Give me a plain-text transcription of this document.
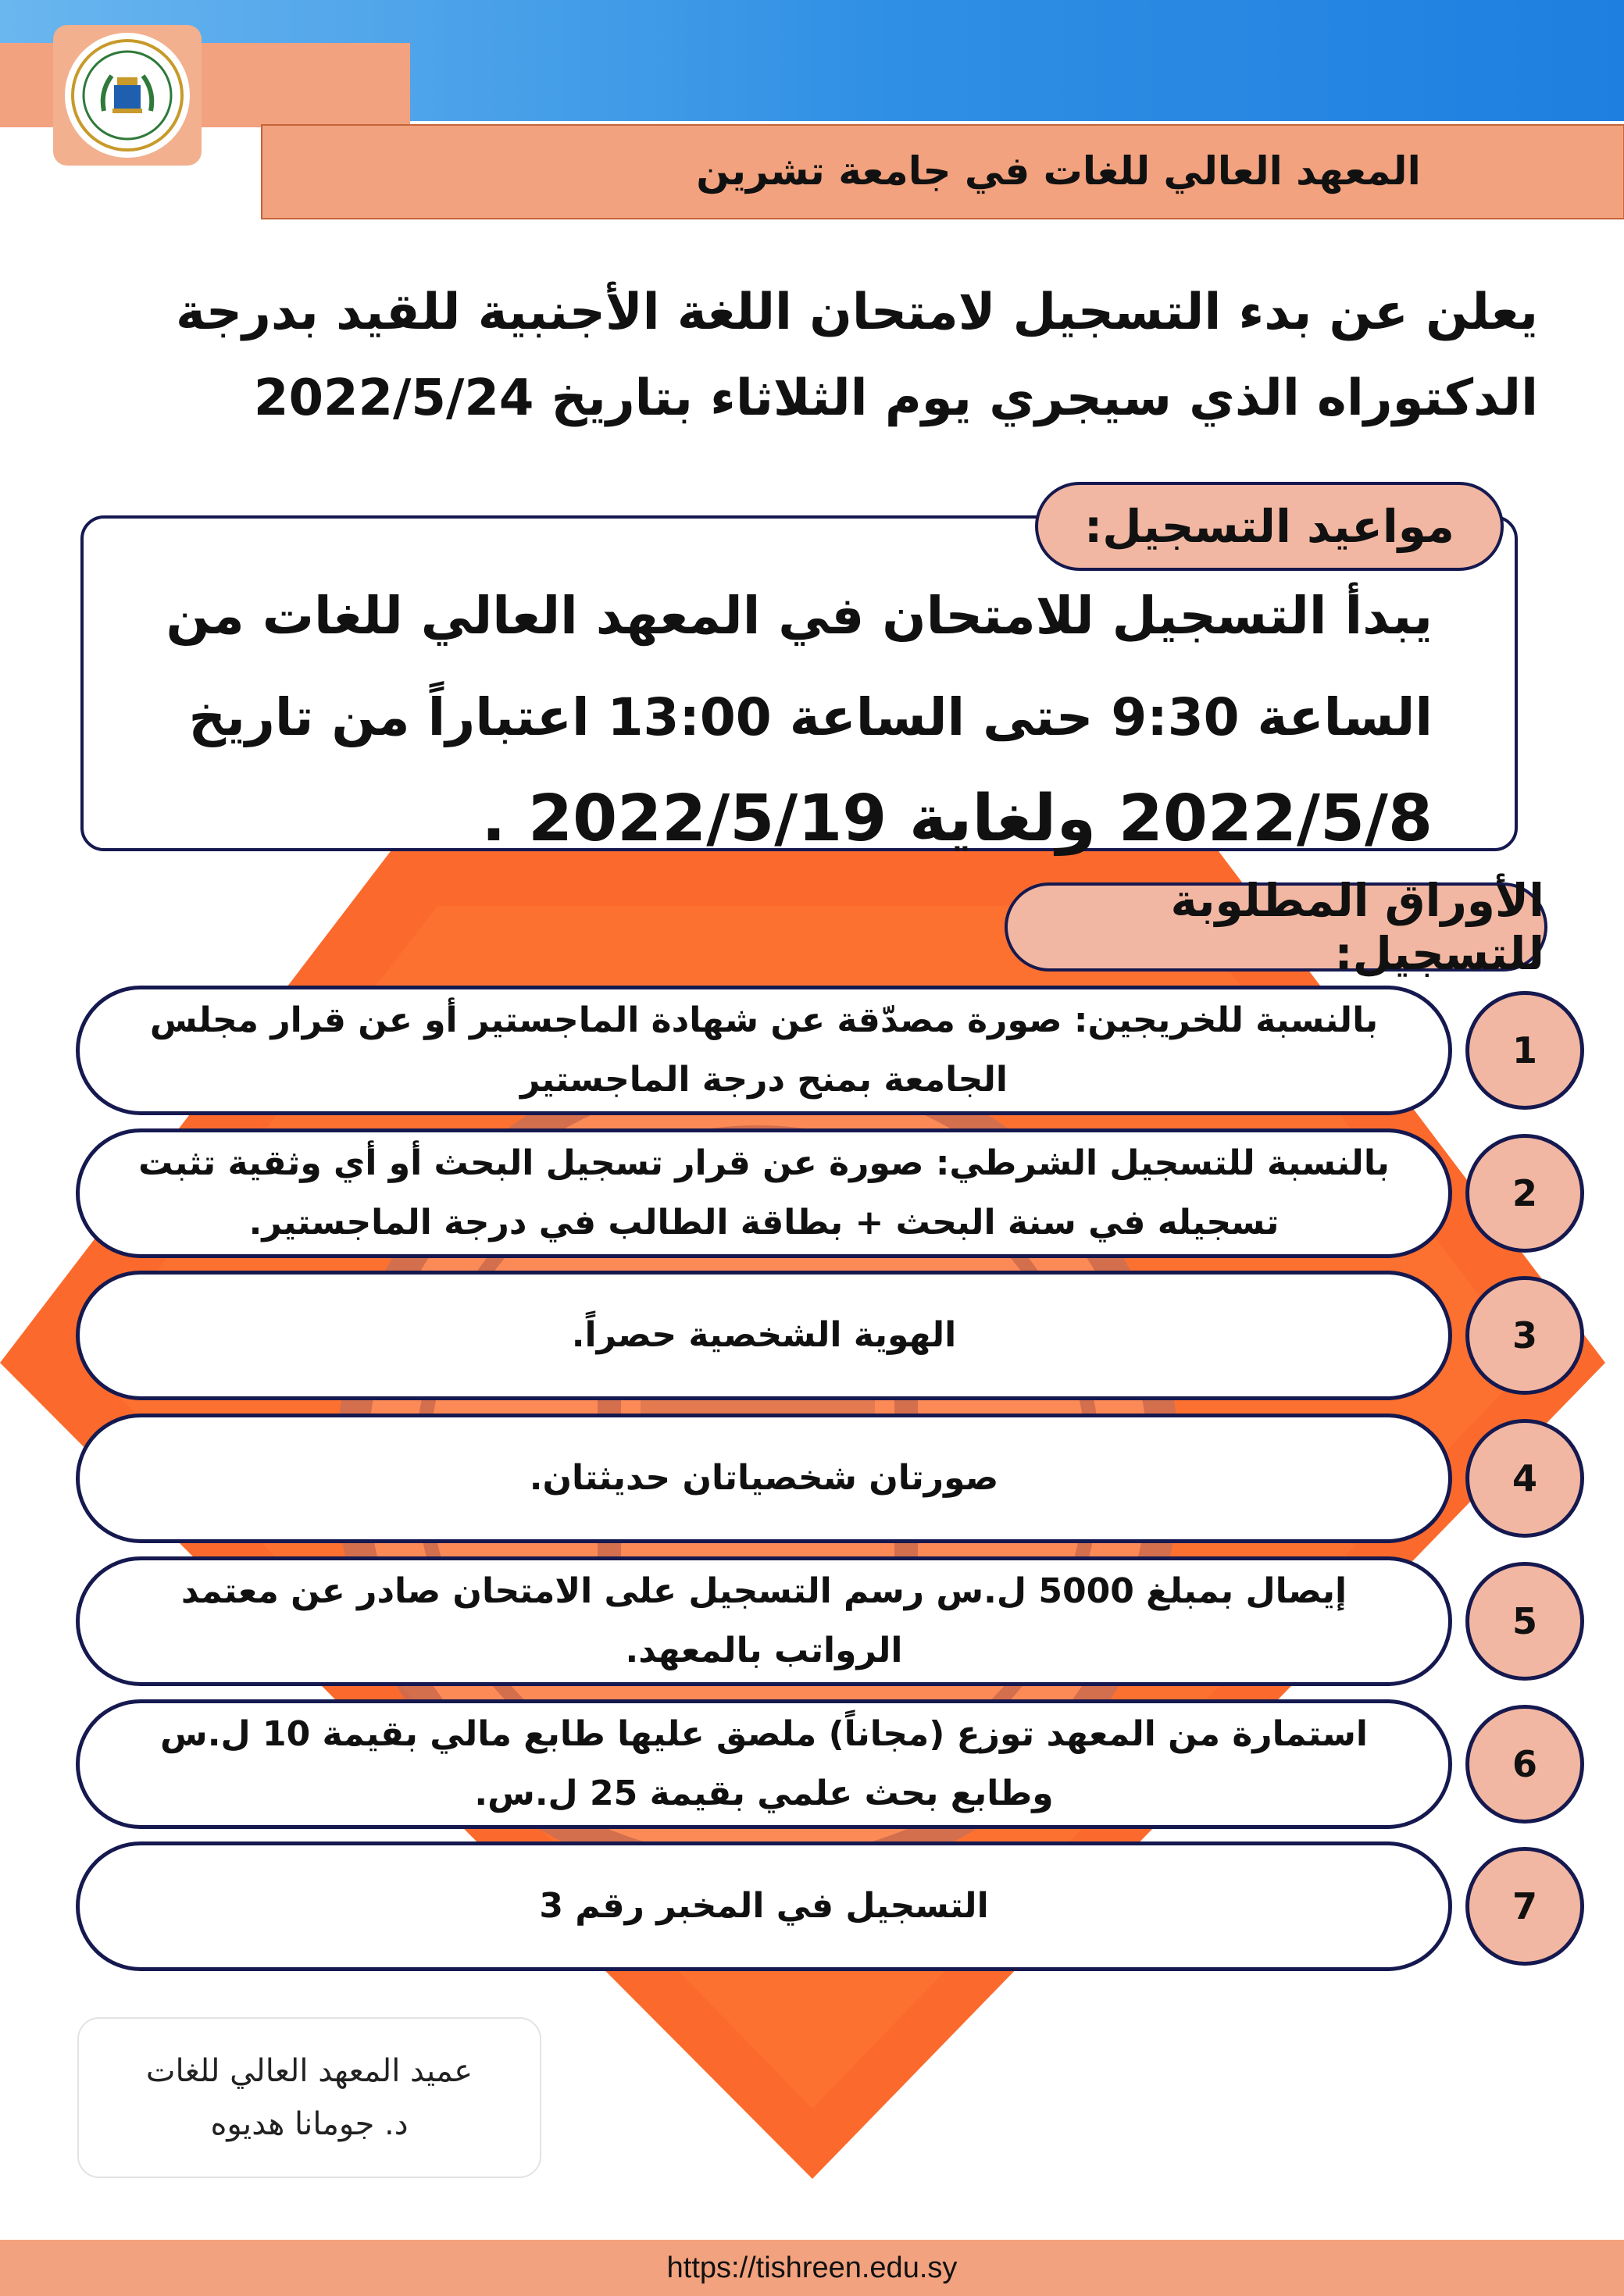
المعهد العالي للغات في جامعة تشرين
يعلن عن بدء التسجيل لامتحان اللغة الأجنبية للقيد بدرجة
الدكتوراه الذي سيجري يوم الثلاثاء بتاريخ 2022/5/24
يبدأ التسجيل للامتحان في المعهد العالي للغات من
الساعة 9:30 حتى الساعة 13:00 اعتباراً من تاريخ
2022/5/8 ولغاية 2022/5/19 .
مواعيد التسجيل:
الأوراق المطلوبة للتسجيل:
بالنسبة للخريجين: صورة مصدّقة عن شهادة الماجستير أو عن قرار مجلس
الجامعة بمنح درجة الماجستير
1
بالنسبة للتسجيل الشرطي: صورة عن قرار تسجيل البحث أو أي وثقية تثبت
تسجيله في سنة البحث + بطاقة الطالب في درجة الماجستير.
2
الهوية الشخصية حصراً.	3
صورتان شخصياتان حديثتان.	4
إيصال بمبلغ 5000 ل.س رسم التسجيل على الامتحان صادر عن معتمد
الرواتب بالمعهد.
5
استمارة من المعهد توزع (مجاناً) ملصق عليها طابع مالي بقيمة 10 ل.س
وطابع بحث علمي بقيمة 25 ل.س.
6
التسجيل في المخبر رقم 3	7
عميد المعهد العالي للغات
د. جومانا هديوه
https://tishreen.edu.sy
